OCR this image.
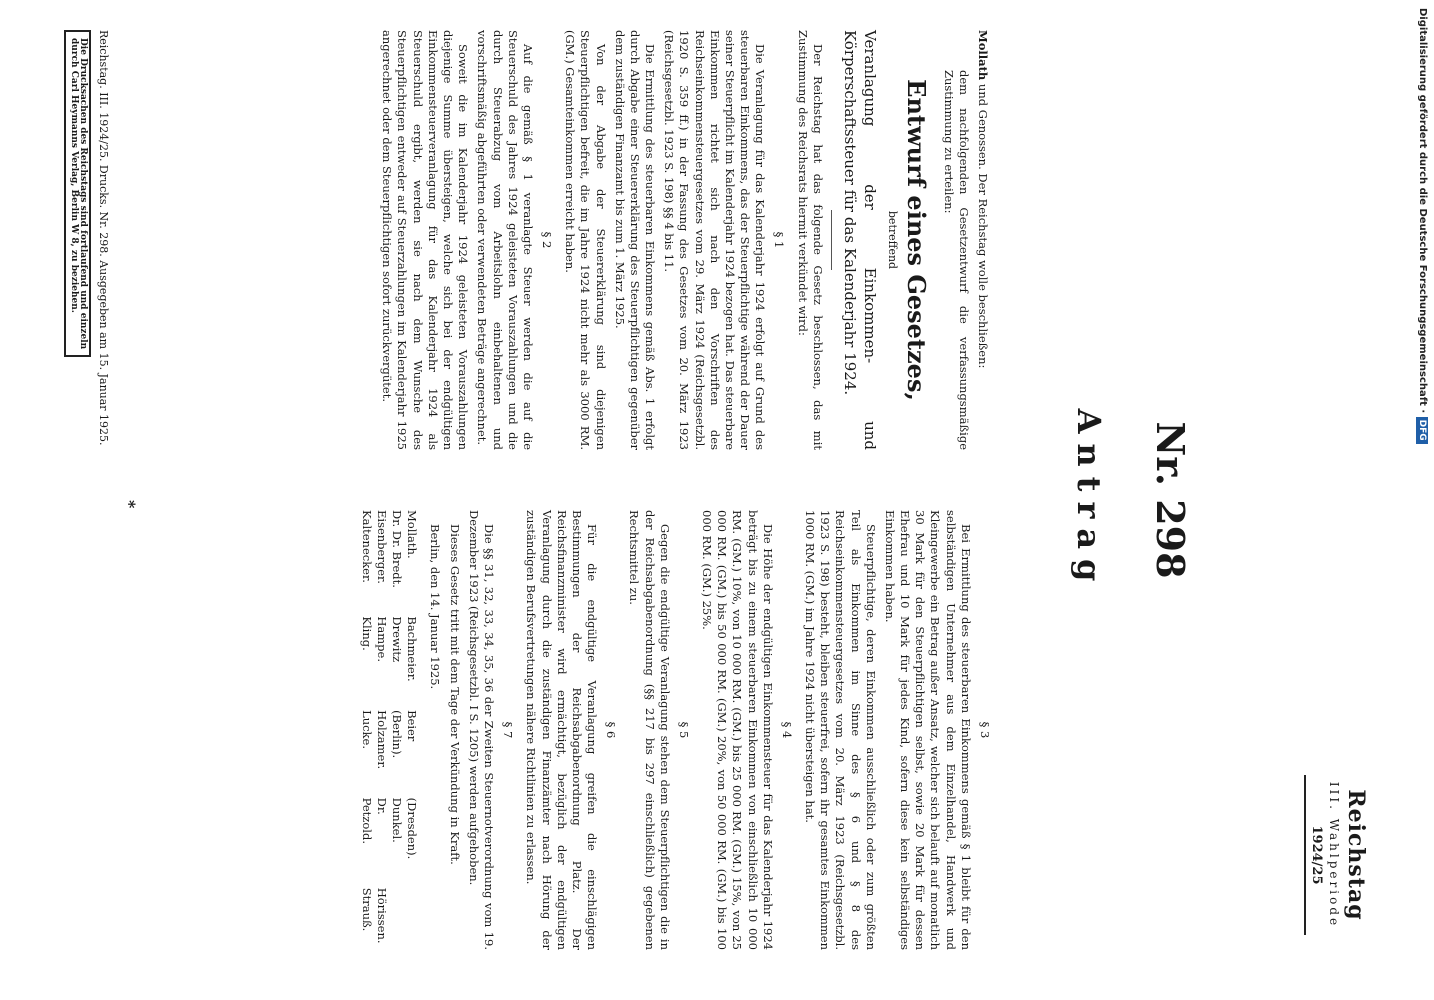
Reichstag
III. Wahlperiode
1924/25
Nr. 298
Antrag

Mollath und Genossen. Der Reichstag wolle beschließen:

dem nachfolgenden Gesetzentwurf die verfassungsmäßige Zustimmung zu erteilen:

Entwurf eines Gesetzes,
betreffend
Veranlagung der Einkommen- und Körperschaftssteuer für das Kalenderjahr 1924.

Der Reichstag hat das folgende Gesetz beschlossen, das mit Zustimmung des Reichsrats hiermit verkündet wird:

§ 1

Die Veranlagung für das Kalenderjahr 1924 erfolgt auf Grund des steuerbaren Einkommens, das der Steuerpflichtige während der Dauer seiner Steuerpflicht im Kalenderjahr 1924 bezogen hat. Das steuerbare Einkommen richtet sich nach den Vorschriften des Reichseinkommensteuergesetzes vom 29. März 1924 (Reichsgesetzbl. 1920 S. 359 ff.) in der Fassung des Gesetzes vom 20. März 1923 (Reichsgesetzbl. 1923 S. 198) §§ 4 bis 11.

Die Ermittlung des steuerbaren Einkommens gemäß Abs. 1 erfolgt durch Abgabe einer Steuererklärung des Steuerpflichtigen gegenüber dem zuständigen Finanzamt bis zum 1. März 1925.

Von der Abgabe der Steuererklärung sind diejenigen Steuerpflichtigen befreit, die im Jahre 1924 nicht mehr als 3000 RM. (GM.) Gesamteinkommen erreicht haben.

§ 2

Auf die gemäß § 1 veranlagte Steuer werden die auf die Steuerschuld des Jahres 1924 geleisteten Vorauszahlungen und die durch Steuerabzug vom Arbeitslohn einbehaltenen und vorschriftsmäßig abgeführten oder verwendeten Beträge angerechnet.

Soweit die im Kalenderjahr 1924 geleisteten Vorauszahlungen diejenige Summe übersteigen, welche sich bei der endgültigen Einkommensteuerveranlagung für das Kalenderjahr 1924 als Steuerschuld ergibt, werden sie nach dem Wunsche des Steuerpflichtigen entweder auf Steuerzahlungen im Kalenderjahr 1925 angerechnet oder dem Steuerpflichtigen sofort zurückvergütet.

§ 3

Bei Ermittlung des steuerbaren Einkommens gemäß § 1 bleibt für den selbständigen Unternehmer aus dem Einzelhandel, Handwerk und Kleingewerbe ein Betrag außer Ansatz, welcher sich belauft auf monatlich 30 Mark für den Steuerpflichtigen selbst, sowie 20 Mark für dessen Ehefrau und 10 Mark für jedes Kind, sofern diese kein selbständiges Einkommen haben.

Steuerpflichtige, deren Einkommen ausschließlich oder zum größten Teil als Einkommen im Sinne des § 6 und § 8 des Reichseinkommensteuergesetzes vom 20. März 1923 (Reichsgesetzbl. 1923 S. 198) besteht, bleiben steuerfrei, sofern ihr gesamtes Einkommen 1000 RM. (GM.) im Jahre 1924 nicht übersteigen hat.

§ 4

Die Höhe der endgültigen Einkommensteuer für das Kalenderjahr 1924 beträgt bis zu einem steuerbaren Einkommen von einschließlich 10 000 RM. (GM.) 10%, von 10 000 RM. (GM.) bis 25 000 RM. (GM.) 15%, von 25 000 RM. (GM.) bis 50 000 RM. (GM.) 20%, von 50 000 RM. (GM.) bis 100 000 RM. (GM.) 25%.

§ 5

Gegen die endgültige Veranlagung stehen dem Steuerpflichtigen die in der Reichsabgabenordnung (§§ 217 bis 297 einschließlich) gegebenen Rechtsmittel zu.

§ 6

Für die endgültige Veranlagung greifen die einschlägigen Bestimmungen der Reichsabgabenordnung Platz. Der Reichsfinanzminister wird ermächtigt, bezüglich der endgültigen Veranlagung durch die zuständigen Finanzämter nach Hörung der zuständigen Berufsvertretungen nähere Richtlinien zu erlassen.

§ 7

Die §§ 31, 32, 33, 34, 35, 36 der Zweiten Steuernotverordnung vom 19. Dezember 1923 (Reichsgesetzbl. I S. 1205) werden aufgehoben.

Dieses Gesetz tritt mit dem Tage der Verkündung in Kraft.

Berlin, den 14. Januar 1925.

Mollath.
Bachmeier.
Beier
(Dresden).
Dr. Dr. Bredt.
Drewitz
(Berlin).
Dunkel.
Eisenberger.
Hampe.
Holzamer.
Dr.
Hörissen.
Kaltenecker.
Kling.
Lucke.
Petzold.
Strauß.
*
Reichstag. III. 1924/25. Drucks. Nr. 298. Ausgegeben am 15. Januar 1925.
Die Drucksachen des Reichstags sind fortlaufend und einzeln
durch Carl Heymanns Verlag, Berlin W 8, zu beziehen.	Digitalisierung gefördert durch die Deutsche Forschungsgemeinschaft · DFG
